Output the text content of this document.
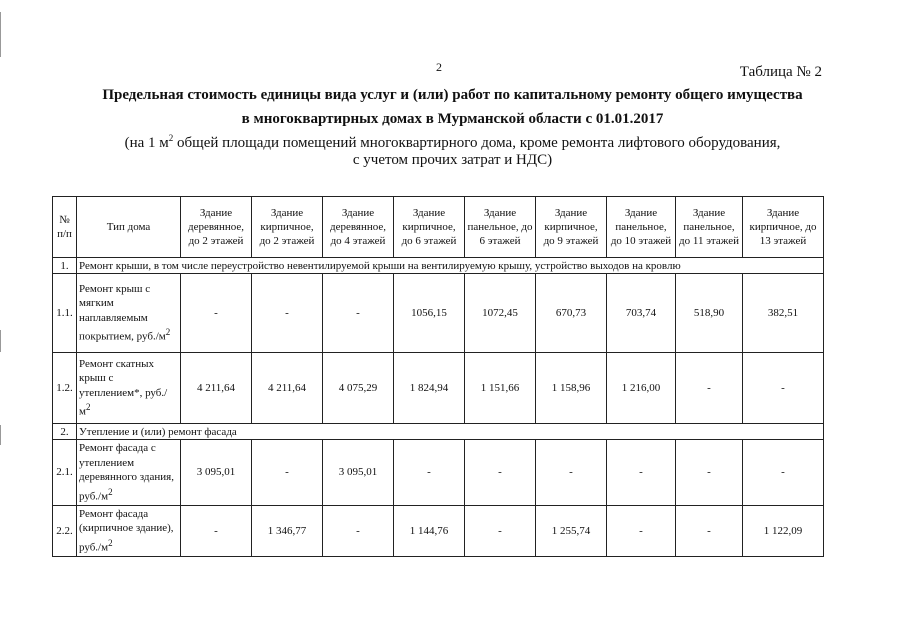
2	Таблица № 2
Предельная стоимость единицы вида услуг и (или) работ по капитальному ремонту общего имущества
в многоквартирных домах в Мурманской области с 01.01.2017
(на 1 $м^2$ общей площади помещений многоквартирного дома, кроме ремонта лифтового оборудования,
с учетом прочих затрат и НДС)
№ п/п	Тип дома	Здание деревянное, до 2 этажей	Здание кирпичное, до 2 этажей	Здание деревянное, до 4 этажей	Здание кирпичное, до 6 этажей	Здание панельное, до 6 этажей	Здание кирпичное, до 9 этажей	Здание панельное, до 10 этажей	Здание панельное, до 11 этажей	Здание кирпичное, до 13 этажей
1.	Ремонт крыши, в том числе переустройство невентилируемой крыши на вентилируемую крышу, устройство выходов на кровлю									
1.1.	Ремонт крыш с мягким наплавляемым покрытием, $руб./м^2$	-	-	-	1056,15	1072,45	670,73	703,74	518,90	382,51
1.2.	Ремонт скатных крыш с утеплением*, $руб./м^2$	4 211,64	4 211,64	4 075,29	1 824,94	1 151,66	1 158,96	1 216,00	-	-
2.	Утепление и (или) ремонт фасада									
2.1.	Ремонт фасада с утеплением деревянного здания, $руб./м^2$	3 095,01	-	3 095,01	-	-	-	-	-	-
2.2.	Ремонт фасада (кирпичное здание), $руб./м^2$	-	1 346,77	-	1 144,76	-	1 255,74	-	-	1 122,09
